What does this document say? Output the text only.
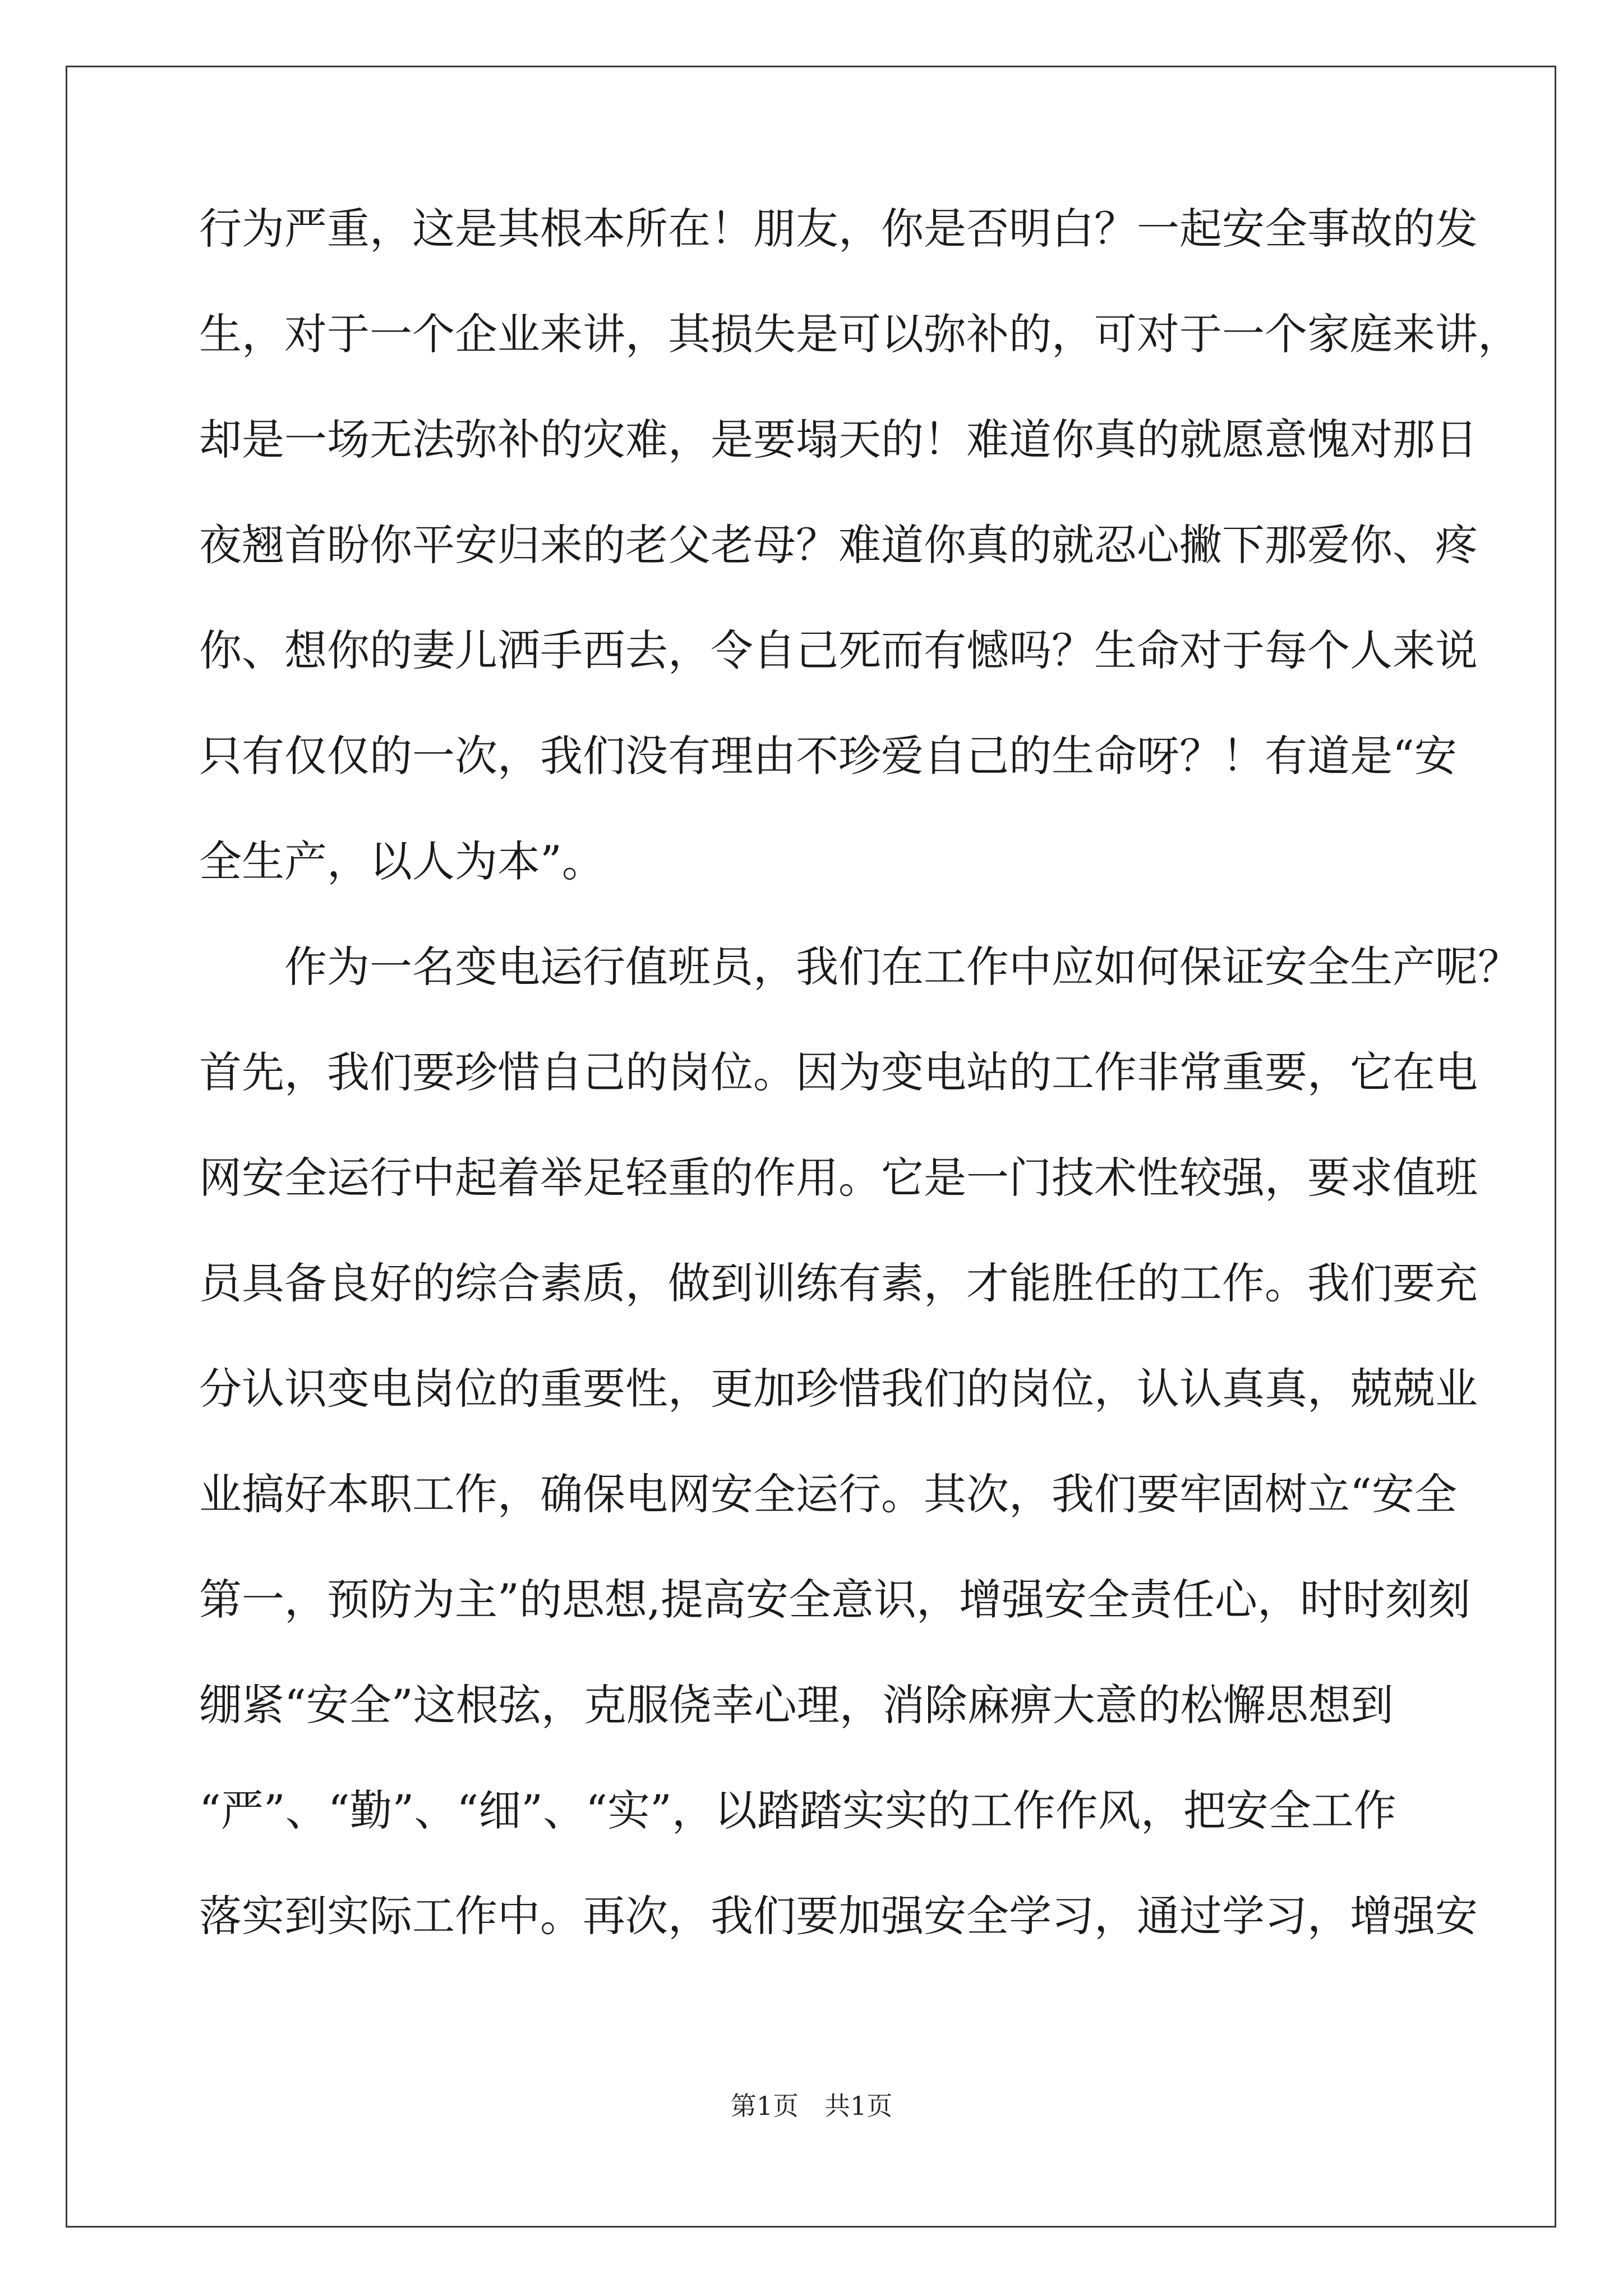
行为严重，这是其根本所在！朋友，你是否明白？一起安全事故的发
生，对于一个企业来讲，其损失是可以弥补的，可对于一个家庭来讲，
却是一场无法弥补的灾难，是要塌天的！难道你真的就愿意愧对那日
夜翘首盼你平安归来的老父老母？难道你真的就忍心撇下那爱你、疼
你、想你的妻儿洒手西去，令自己死而有憾吗？生命对于每个人来说
只有仅仅的一次，我们没有理由不珍爱自己的生命呀？！有道是“安
全生产，以人为本”。
　　作为一名变电运行值班员，我们在工作中应如何保证安全生产呢？
首先，我们要珍惜自己的岗位。因为变电站的工作非常重要，它在电
网安全运行中起着举足轻重的作用。它是一门技术性较强，要求值班
员具备良好的综合素质，做到训练有素，才能胜任的工作。我们要充
分认识变电岗位的重要性，更加珍惜我们的岗位，认认真真，兢兢业
业搞好本职工作，确保电网安全运行。其次，我们要牢固树立“安全
第一，预防为主”的思想,提高安全意识，增强安全责任心，时时刻刻
绷紧“安全”这根弦，克服侥幸心理，消除麻痹大意的松懈思想到
“严”、“勤”、“细”、“实”，以踏踏实实的工作作风，把安全工作
落实到实际工作中。再次，我们要加强安全学习，通过学习，增强安
第1页　共1页
